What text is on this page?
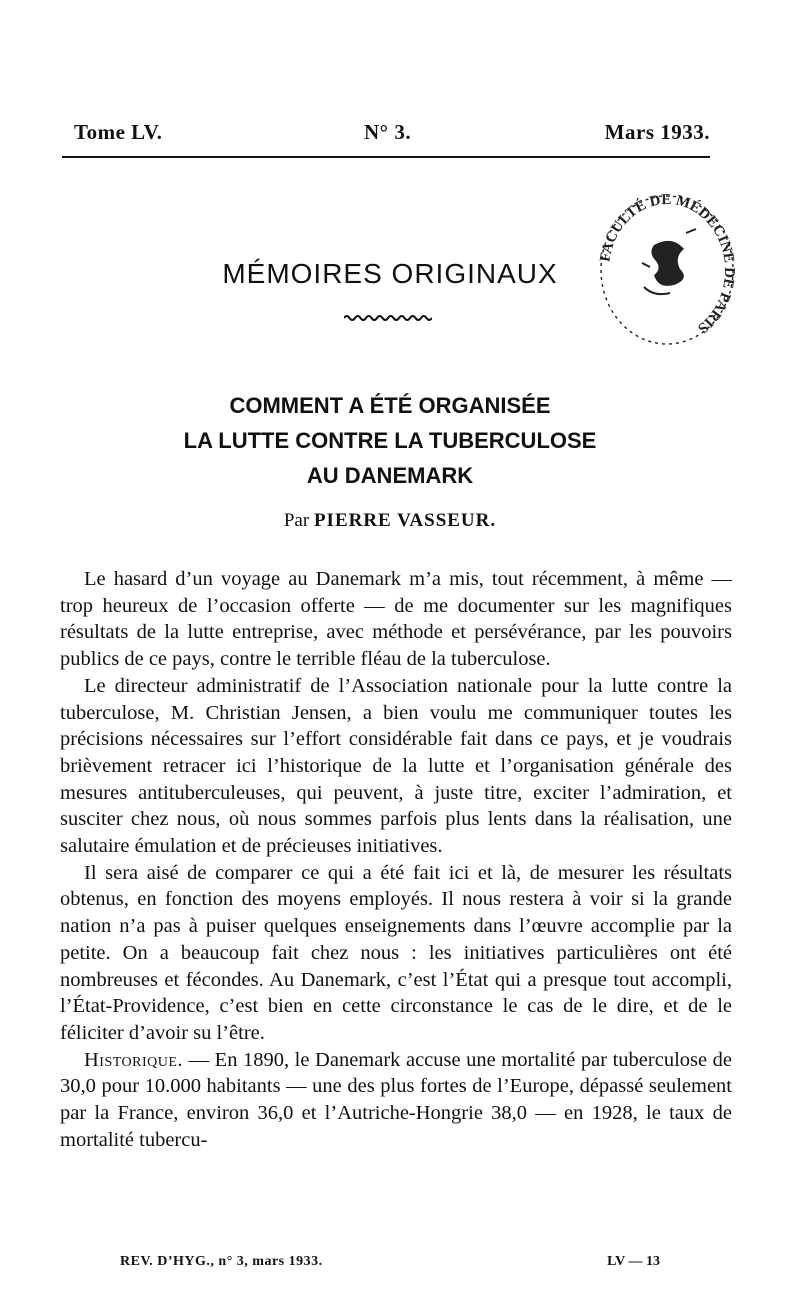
Tome LV.	N° 3.	Mars 1933.
FACULTÉ DE MÉDECINE DE PARIS
MÉMOIRES ORIGINAUX
COMMENT A ÉTÉ ORGANISÉE
LA LUTTE CONTRE LA TUBERCULOSE
AU DANEMARK
Par PIERRE VASSEUR.

Le hasard d’un voyage au Danemark m’a mis, tout récemment, à même — trop heureux de l’occasion offerte — de me documenter sur les magnifiques résultats de la lutte entreprise, avec méthode et persévérance, par les pouvoirs publics de ce pays, contre le terrible fléau de la tuberculose.

Le directeur administratif de l’Association nationale pour la lutte contre la tuberculose, M. Christian Jensen, a bien voulu me communiquer toutes les précisions nécessaires sur l’effort considérable fait dans ce pays, et je voudrais brièvement retracer ici l’historique de la lutte et l’organisation générale des mesures antituberculeuses, qui peuvent, à juste titre, exciter l’admiration, et susciter chez nous, où nous sommes parfois plus lents dans la réalisation, une salutaire émulation et de précieuses initiatives.

Il sera aisé de comparer ce qui a été fait ici et là, de mesurer les résultats obtenus, en fonction des moyens employés. Il nous restera à voir si la grande nation n’a pas à puiser quelques enseignements dans l’œuvre accomplie par la petite. On a beaucoup fait chez nous : les initiatives particulières ont été nombreuses et fécondes. Au Danemark, c’est l’État qui a presque tout accompli, l’État-Providence, c’est bien en cette circonstance le cas de le dire, et de le féliciter d’avoir su l’être.

Historique. — En 1890, le Danemark accuse une mortalité par tuberculose de 30,0 pour 10.000 habitants — une des plus fortes de l’Europe, dépassé seulement par la France, environ 36,0 et l’Autriche-Hongrie 38,0 — en 1928, le taux de mortalité tubercu-

REV. D’HYG., n° 3, mars 1933.	LV — 13
